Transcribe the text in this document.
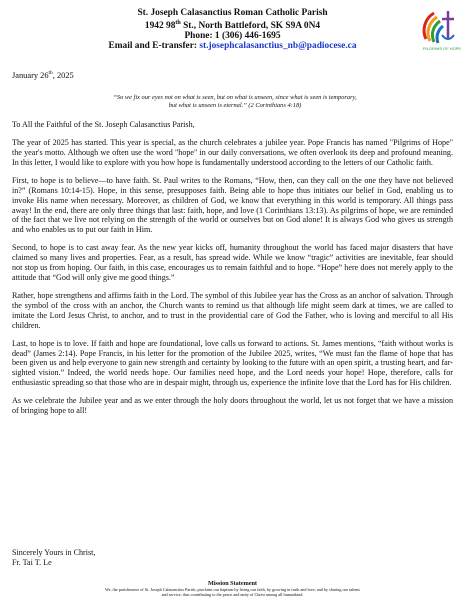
St. Joseph Calasanctius Roman Catholic Parish
1942 98th St., North Battleford, SK S9A 0N4
Phone: 1 (306) 446-1695
Email and E-transfer: st.josephcalasanctius_nb@padiocese.ca	PILGRIMS OF HOPE
January 26th, 2025
“So we fix our eyes not on what is seen, but on what is unseen, since what is seen is temporary,
but what is unseen is eternal.” (2 Corinthians 4:18)
To All the Faithful of the St. Joseph Calasanctius Parish,

The year of 2025 has started. This year is special, as the church celebrates a jubilee year. Pope Francis has named "Pilgrims of Hope" the year's motto. Although we often use the word "hope" in our daily conversations, we often overlook its deep and profound meaning. In this letter, I would like to explore with you how hope is fundamentally understood according to the letters of our Catholic faith.

First, to hope is to believe—to have faith. St. Paul writes to the Romans, “How, then, can they call on the one they have not believed in?” (Romans 10:14-15). Hope, in this sense, presupposes faith. Being able to hope thus initiates our belief in God, enabling us to invoke His name when necessary. Moreover, as children of God, we know that everything in this world is temporary. All things pass away! In the end, there are only three things that last: faith, hope, and love (1 Corinthians 13:13). As pilgrims of hope, we are reminded of the fact that we live not relying on the strength of the world or ourselves but on God alone! It is always God who gives us strength and who enables us to put our faith in Him.

Second, to hope is to cast away fear. As the new year kicks off, humanity throughout the world has faced major disasters that have claimed so many lives and properties. Fear, as a result, has spread wide. While we know “tragic” activities are inevitable, fear should not stop us from hoping. Our faith, in this case, encourages us to remain faithful and to hope. “Hope” here does not merely apply to the attitude that “God will only give me good things.”

Rather, hope strengthens and affirms faith in the Lord. The symbol of this Jubilee year has the Cross as an anchor of salvation. Through the symbol of the cross with an anchor, the Church wants to remind us that although life might seem dark at times, we are called to imitate the Lord Jesus Christ, to anchor, and to trust in the providential care of God the Father, who is loving and merciful to all His children.

Last, to hope is to love. If faith and hope are foundational, love calls us forward to actions. St. James mentions, “faith without works is dead” (James 2:14). Pope Francis, in his letter for the promotion of the Jubilee 2025, writes, “We must fan the flame of hope that has been given us and help everyone to gain new strength and certainty by looking to the future with an open spirit, a trusting heart, and far-sighted vision.” Indeed, the world needs hope. Our families need hope, and the Lord needs your hope! Hope, therefore, calls for enthusiastic spreading so that those who are in despair might, through us, experience the infinite love that the Lord has for His children.

As we celebrate the Jubilee year and as we enter through the holy doors throughout the world, let us not forget that we have a mission of bringing hope to all!

Sincerely Yours in Christ,
Fr. Tai T. Le
Mission Statement
We, the parishioners of St. Joseph Calasanctius Parish, proclaim our baptism by living our faith, by growing in truth and love, and by sharing our talents
and service, thus contributing to the peace and unity of Christ among all humankind.
